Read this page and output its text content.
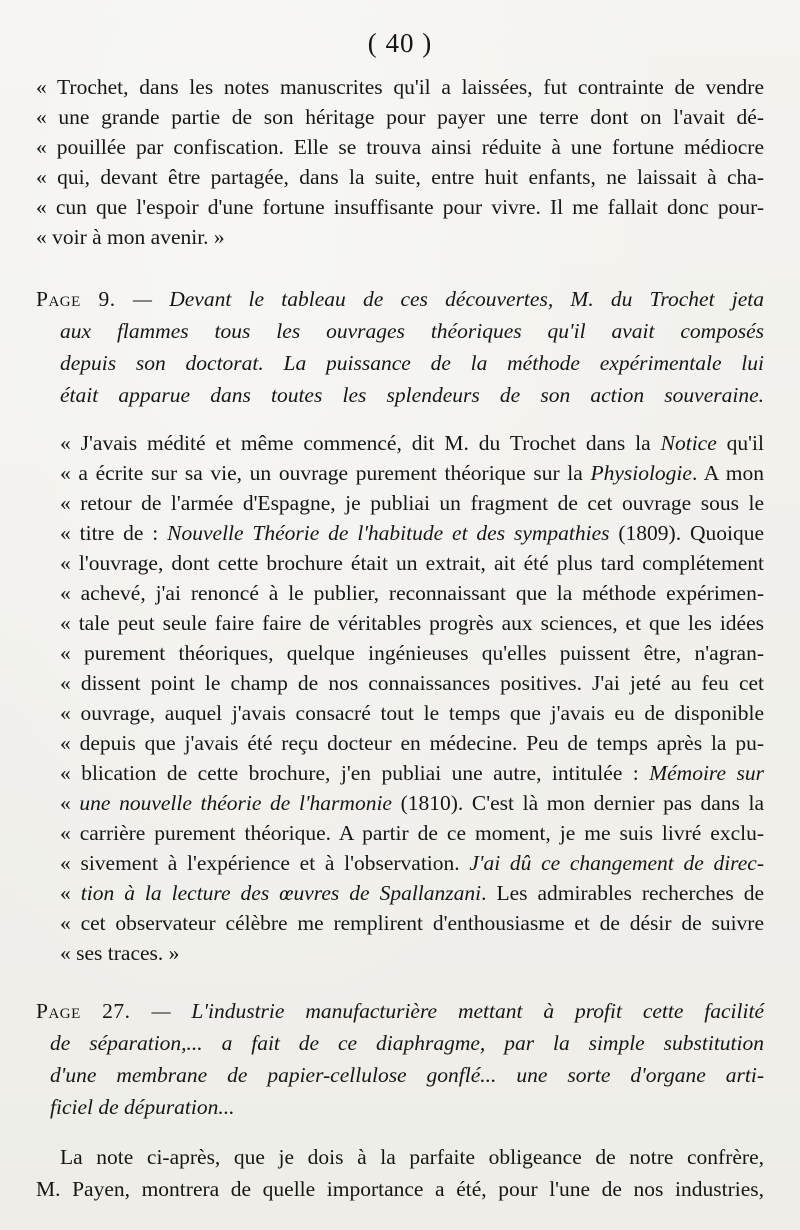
( 40 )
« Trochet, dans les notes manuscrites qu'il a laissées, fut contrainte de vendre
« une grande partie de son héritage pour payer une terre dont on l'avait dé-
« pouillée par confiscation. Elle se trouva ainsi réduite à une fortune médiocre
« qui, devant être partagée, dans la suite, entre huit enfants, ne laissait à cha-
« cun que l'espoir d'une fortune insuffisante pour vivre. Il me fallait donc pour-
« voir à mon avenir. »
Page 9. — Devant le tableau de ces découvertes, M. du Trochet jeta
aux flammes tous les ouvrages théoriques qu'il avait composés
depuis son doctorat. La puissance de la méthode expérimentale lui
était apparue dans toutes les splendeurs de son action souveraine.
« J'avais médité et même commencé, dit M. du Trochet dans la Notice qu'il
« a écrite sur sa vie, un ouvrage purement théorique sur la Physiologie. A mon
« retour de l'armée d'Espagne, je publiai un fragment de cet ouvrage sous le
« titre de : Nouvelle Théorie de l'habitude et des sympathies (1809). Quoique
« l'ouvrage, dont cette brochure était un extrait, ait été plus tard complétement
« achevé, j'ai renoncé à le publier, reconnaissant que la méthode expérimen-
« tale peut seule faire faire de véritables progrès aux sciences, et que les idées
« purement théoriques, quelque ingénieuses qu'elles puissent être, n'agran-
« dissent point le champ de nos connaissances positives. J'ai jeté au feu cet
« ouvrage, auquel j'avais consacré tout le temps que j'avais eu de disponible
« depuis que j'avais été reçu docteur en médecine. Peu de temps après la pu-
« blication de cette brochure, j'en publiai une autre, intitulée : Mémoire sur
« une nouvelle théorie de l'harmonie (1810). C'est là mon dernier pas dans la
« carrière purement théorique. A partir de ce moment, je me suis livré exclu-
« sivement à l'expérience et à l'observation. J'ai dû ce changement de direc-
« tion à la lecture des œuvres de Spallanzani. Les admirables recherches de
« cet observateur célèbre me remplirent d'enthousiasme et de désir de suivre
« ses traces. »
Page 27. — L'industrie manufacturière mettant à profit cette facilité
de séparation,... a fait de ce diaphragme, par la simple substitution
d'une membrane de papier-cellulose gonflé... une sorte d'organe arti-
ficiel de dépuration...
La note ci-après, que je dois à la parfaite obligeance de notre confrère,
M. Payen, montrera de quelle importance a été, pour l'une de nos industries,
